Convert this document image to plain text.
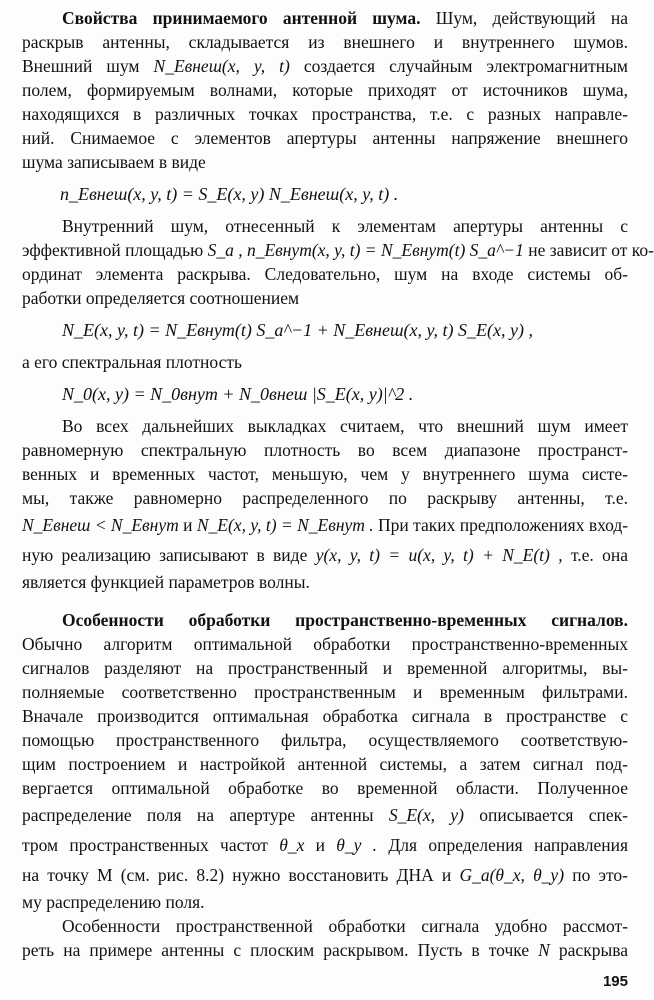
Свойства принимаемого антенной шума. Шум, действующий на
раскрыв антенны, складывается из внешнего и внутреннего шумов.
Внешний шум N_Eвнеш(x, y, t) создается случайным электромагнитным
полем, формируемым волнами, которые приходят от источников шума,
находящихся в различных точках пространства, т.е. с разных направле-
ний. Снимаемое с элементов апертуры антенны напряжение внешнего
шума записываем в виде
n_Eвнеш(x, y, t) = S_E(x, y) N_Eвнеш(x, y, t) .
Внутренний шум, отнесенный к элементам апертуры антенны с
эффективной площадью S_a , n_Eвнут(x, y, t) = N_Eвнут(t) S_a^−1 не зависит от ко-
ординат элемента раскрыва. Следовательно, шум на входе системы об-
работки определяется соотношением
N_E(x, y, t) = N_Eвнут(t) S_a^−1 + N_Eвнеш(x, y, t) S_E(x, y) ,
а его спектральная плотность
N_0(x, y) = N_0внут + N_0внеш |S_E(x, y)|^2 .
Во всех дальнейших выкладках считаем, что внешний шум имеет
равномерную спектральную плотность во всем диапазоне пространст-
венных и временных частот, меньшую, чем у внутреннего шума систе-
мы, также равномерно распределенного по раскрыву антенны, т.е.
N_Eвнеш < N_Eвнут и N_E(x, y, t) = N_Eвнут . При таких предположениях вход-
ную реализацию записывают в виде y(x, y, t) = u(x, y, t) + N_E(t) , т.е. она
является функцией параметров волны.
Особенности обработки пространственно-временных сигналов.
Обычно алгоритм оптимальной обработки пространственно-временных
сигналов разделяют на пространственный и временной алгоритмы, вы-
полняемые соответственно пространственным и временным фильтрами.
Вначале производится оптимальная обработка сигнала в пространстве с
помощью пространственного фильтра, осуществляемого соответствую-
щим построением и настройкой антенной системы, а затем сигнал под-
вергается оптимальной обработке во временной области. Полученное
распределение поля на апертуре антенны S_E(x, y) описывается спек-
тром пространственных частот θ_x и θ_y . Для определения направления
на точку М (см. рис. 8.2) нужно восстановить ДНА и G_a(θ_x, θ_y) по это-
му распределению поля.
Особенности пространственной обработки сигнала удобно рассмот-
реть на примере антенны с плоским раскрывом. Пусть в точке N раскрыва
195
